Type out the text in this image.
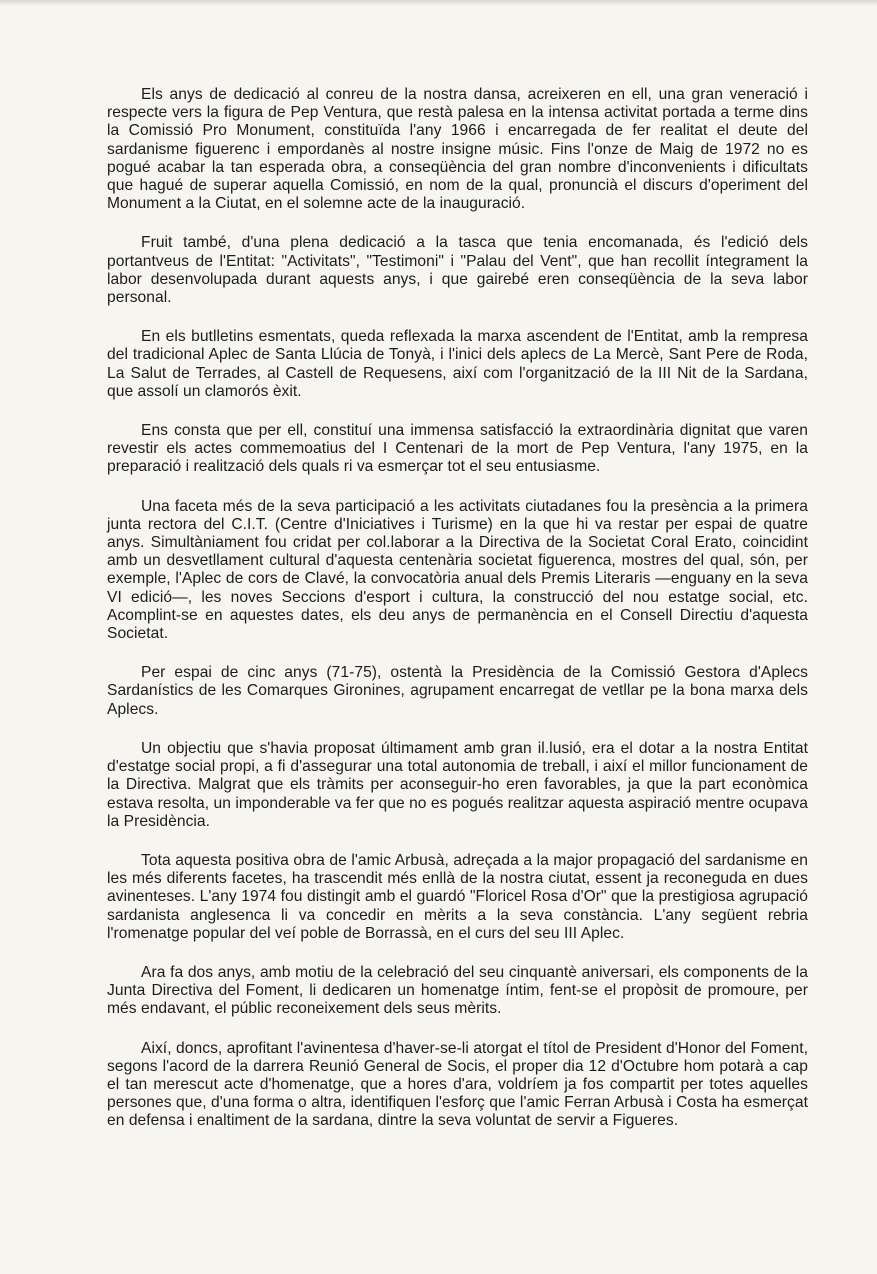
Els anys de dedicació al conreu de la nostra dansa, acreixeren en ell, una gran veneració i respecte vers la figura de Pep Ventura, que restà palesa en la intensa activitat portada a terme dins la Comissió Pro Monument, constituïda l'any 1966 i encarregada de fer realitat el deute del sardanisme figuerenc i empordanès al nostre insigne músic. Fins l'onze de Maig de 1972 no es pogué acabar la tan esperada obra, a conseqüència del gran nombre d'inconvenients i dificultats que hagué de superar aquella Comissió, en nom de la qual, pronuncià el discurs d'operiment del Monument a la Ciutat, en el solemne acte de la inauguració.

Fruit també, d'una plena dedicació a la tasca que tenia encomanada, és l'edició dels portantveus de l'Entitat: "Activitats", "Testimoni" i "Palau del Vent", que han recollit íntegrament la labor desenvolupada durant aquests anys, i que gairebé eren conseqüència de la seva labor personal.

En els butlletins esmentats, queda reflexada la marxa ascendent de l'Entitat, amb la rempresa del tradicional Aplec de Santa Llúcia de Tonyà, i l'inici dels aplecs de La Mercè, Sant Pere de Roda, La Salut de Terrades, al Castell de Requesens, així com l'organització de la III Nit de la Sardana, que assolí un clamorós èxit.

Ens consta que per ell, constituí una immensa satisfacció la extraordinària dignitat que varen revestir els actes commemoatius del I Centenari de la mort de Pep Ventura, l'any 1975, en la preparació i realització dels quals ri va esmerçar tot el seu entusiasme.

Una faceta més de la seva participació a les activitats ciutadanes fou la presència a la primera junta rectora del C.I.T. (Centre d'Iniciatives i Turisme) en la que hi va restar per espai de quatre anys. Simultàniament fou cridat per col.laborar a la Directiva de la Societat Coral Erato, coincidint amb un desvetllament cultural d'aquesta centenària societat figuerenca, mostres del qual, són, per exemple, l'Aplec de cors de Clavé, la convocatòria anual dels Premis Literaris —enguany en la seva VI edició—, les noves Seccions d'esport i cultura, la construcció del nou estatge social, etc. Acomplint-se en aquestes dates, els deu anys de permanència en el Consell Directiu d'aquesta Societat.

Per espai de cinc anys (71-75), ostentà la Presidència de la Comissió Gestora d'Aplecs Sardanístics de les Comarques Gironines, agrupament encarregat de vetllar pe la bona marxa dels Aplecs.

Un objectiu que s'havia proposat últimament amb gran il.lusió, era el dotar a la nostra Entitat d'estatge social propi, a fi d'assegurar una total autonomia de treball, i així el millor funcionament de la Directiva. Malgrat que els tràmits per aconseguir-ho eren favorables, ja que la part econòmica estava resolta, un imponderable va fer que no es pogués realitzar aquesta aspiració mentre ocupava la Presidència.

Tota aquesta positiva obra de l'amic Arbusà, adreçada a la major propagació del sardanisme en les més diferents facetes, ha trascendit més enllà de la nostra ciutat, essent ja reconeguda en dues avinenteses. L'any 1974 fou distingit amb el guardó "Floricel Rosa d'Or" que la prestigiosa agrupació sardanista anglesenca li va concedir en mèrits a la seva constància. L'any següent rebria l'romenatge popular del veí poble de Borrassà, en el curs del seu III Aplec.

Ara fa dos anys, amb motiu de la celebració del seu cinquantè aniversari, els components de la Junta Directiva del Foment, li dedicaren un homenatge íntim, fent-se el propòsit de promoure, per més endavant, el públic reconeixement dels seus mèrits.

Així, doncs, aprofitant l'avinentesa d'haver-se-li atorgat el títol de President d'Honor del Foment, segons l'acord de la darrera Reunió General de Socis, el proper dia 12 d'Octubre hom potarà a cap el tan merescut acte d'homenatge, que a hores d'ara, voldríem ja fos compartit per totes aquelles persones que, d'una forma o altra, identifiquen l'esforç que l'amic Ferran Arbusà i Costa ha esmerçat en defensa i enaltiment de la sardana, dintre la seva voluntat de servir a Figueres.
